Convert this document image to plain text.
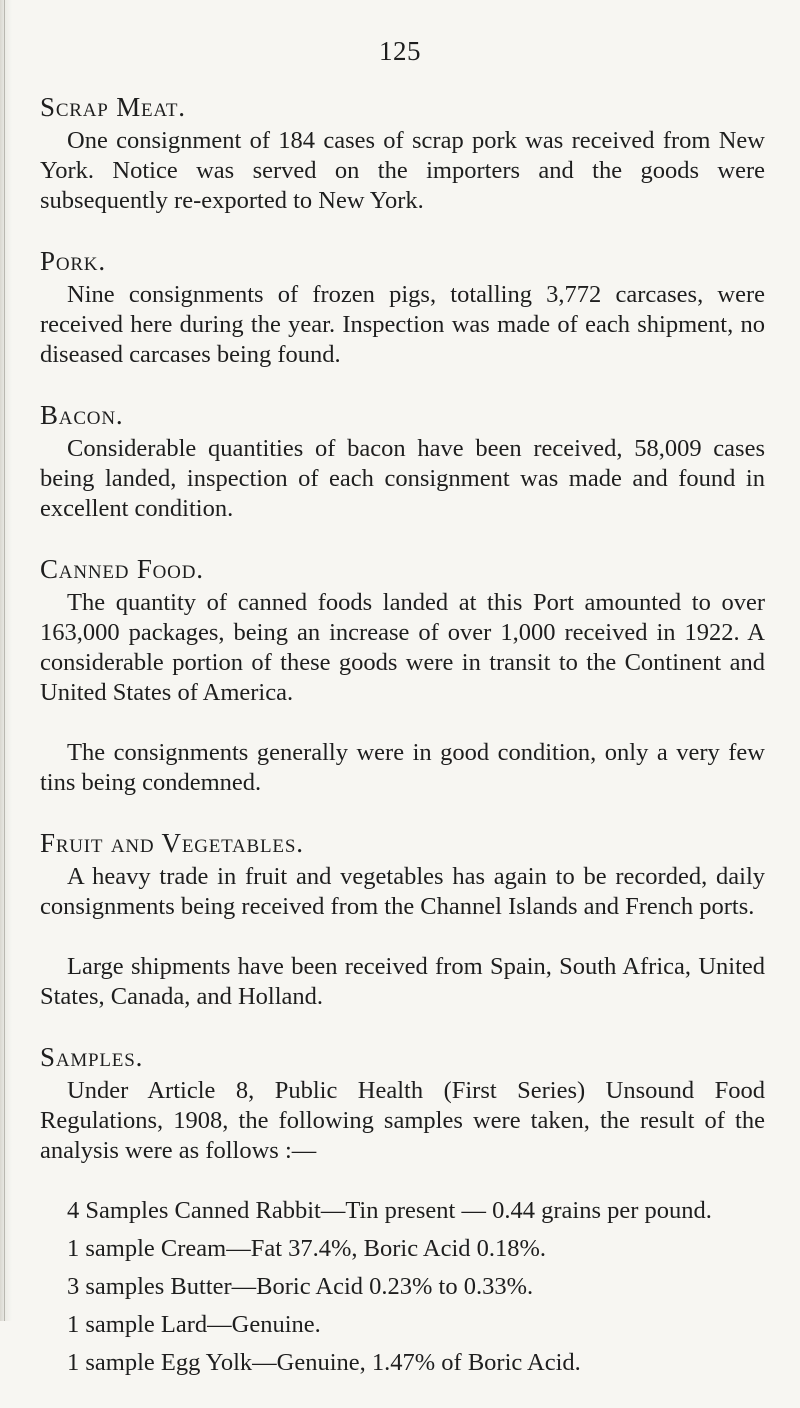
125
Scrap Meat.

One consignment of 184 cases of scrap pork was received from New York. Notice was served on the importers and the goods were subsequently re-exported to New York.

Pork.

Nine consignments of frozen pigs, totalling 3,772 carcases, were received here during the year. Inspection was made of each shipment, no diseased carcases being found.

Bacon.

Considerable quantities of bacon have been received, 58,009 cases being landed, inspection of each consignment was made and found in excellent condition.

Canned Food.

The quantity of canned foods landed at this Port amounted to over 163,000 packages, being an increase of over 1,000 received in 1922. A considerable portion of these goods were in transit to the Continent and United States of America.

The consignments generally were in good condition, only a very few tins being condemned.

Fruit and Vegetables.

A heavy trade in fruit and vegetables has again to be recorded, daily consignments being received from the Channel Islands and French ports.

Large shipments have been received from Spain, South Africa, United States, Canada, and Holland.

Samples.

Under Article 8, Public Health (First Series) Unsound Food Regulations, 1908, the following samples were taken, the result of the analysis were as follows :—

4 Samples Canned Rabbit—Tin present — 0.44 grains per pound.

1 sample Cream—Fat 37.4%, Boric Acid 0.18%.

3 samples Butter—Boric Acid 0.23% to 0.33%.

1 sample Lard—Genuine.

1 sample Egg Yolk—Genuine, 1.47% of Boric Acid.
